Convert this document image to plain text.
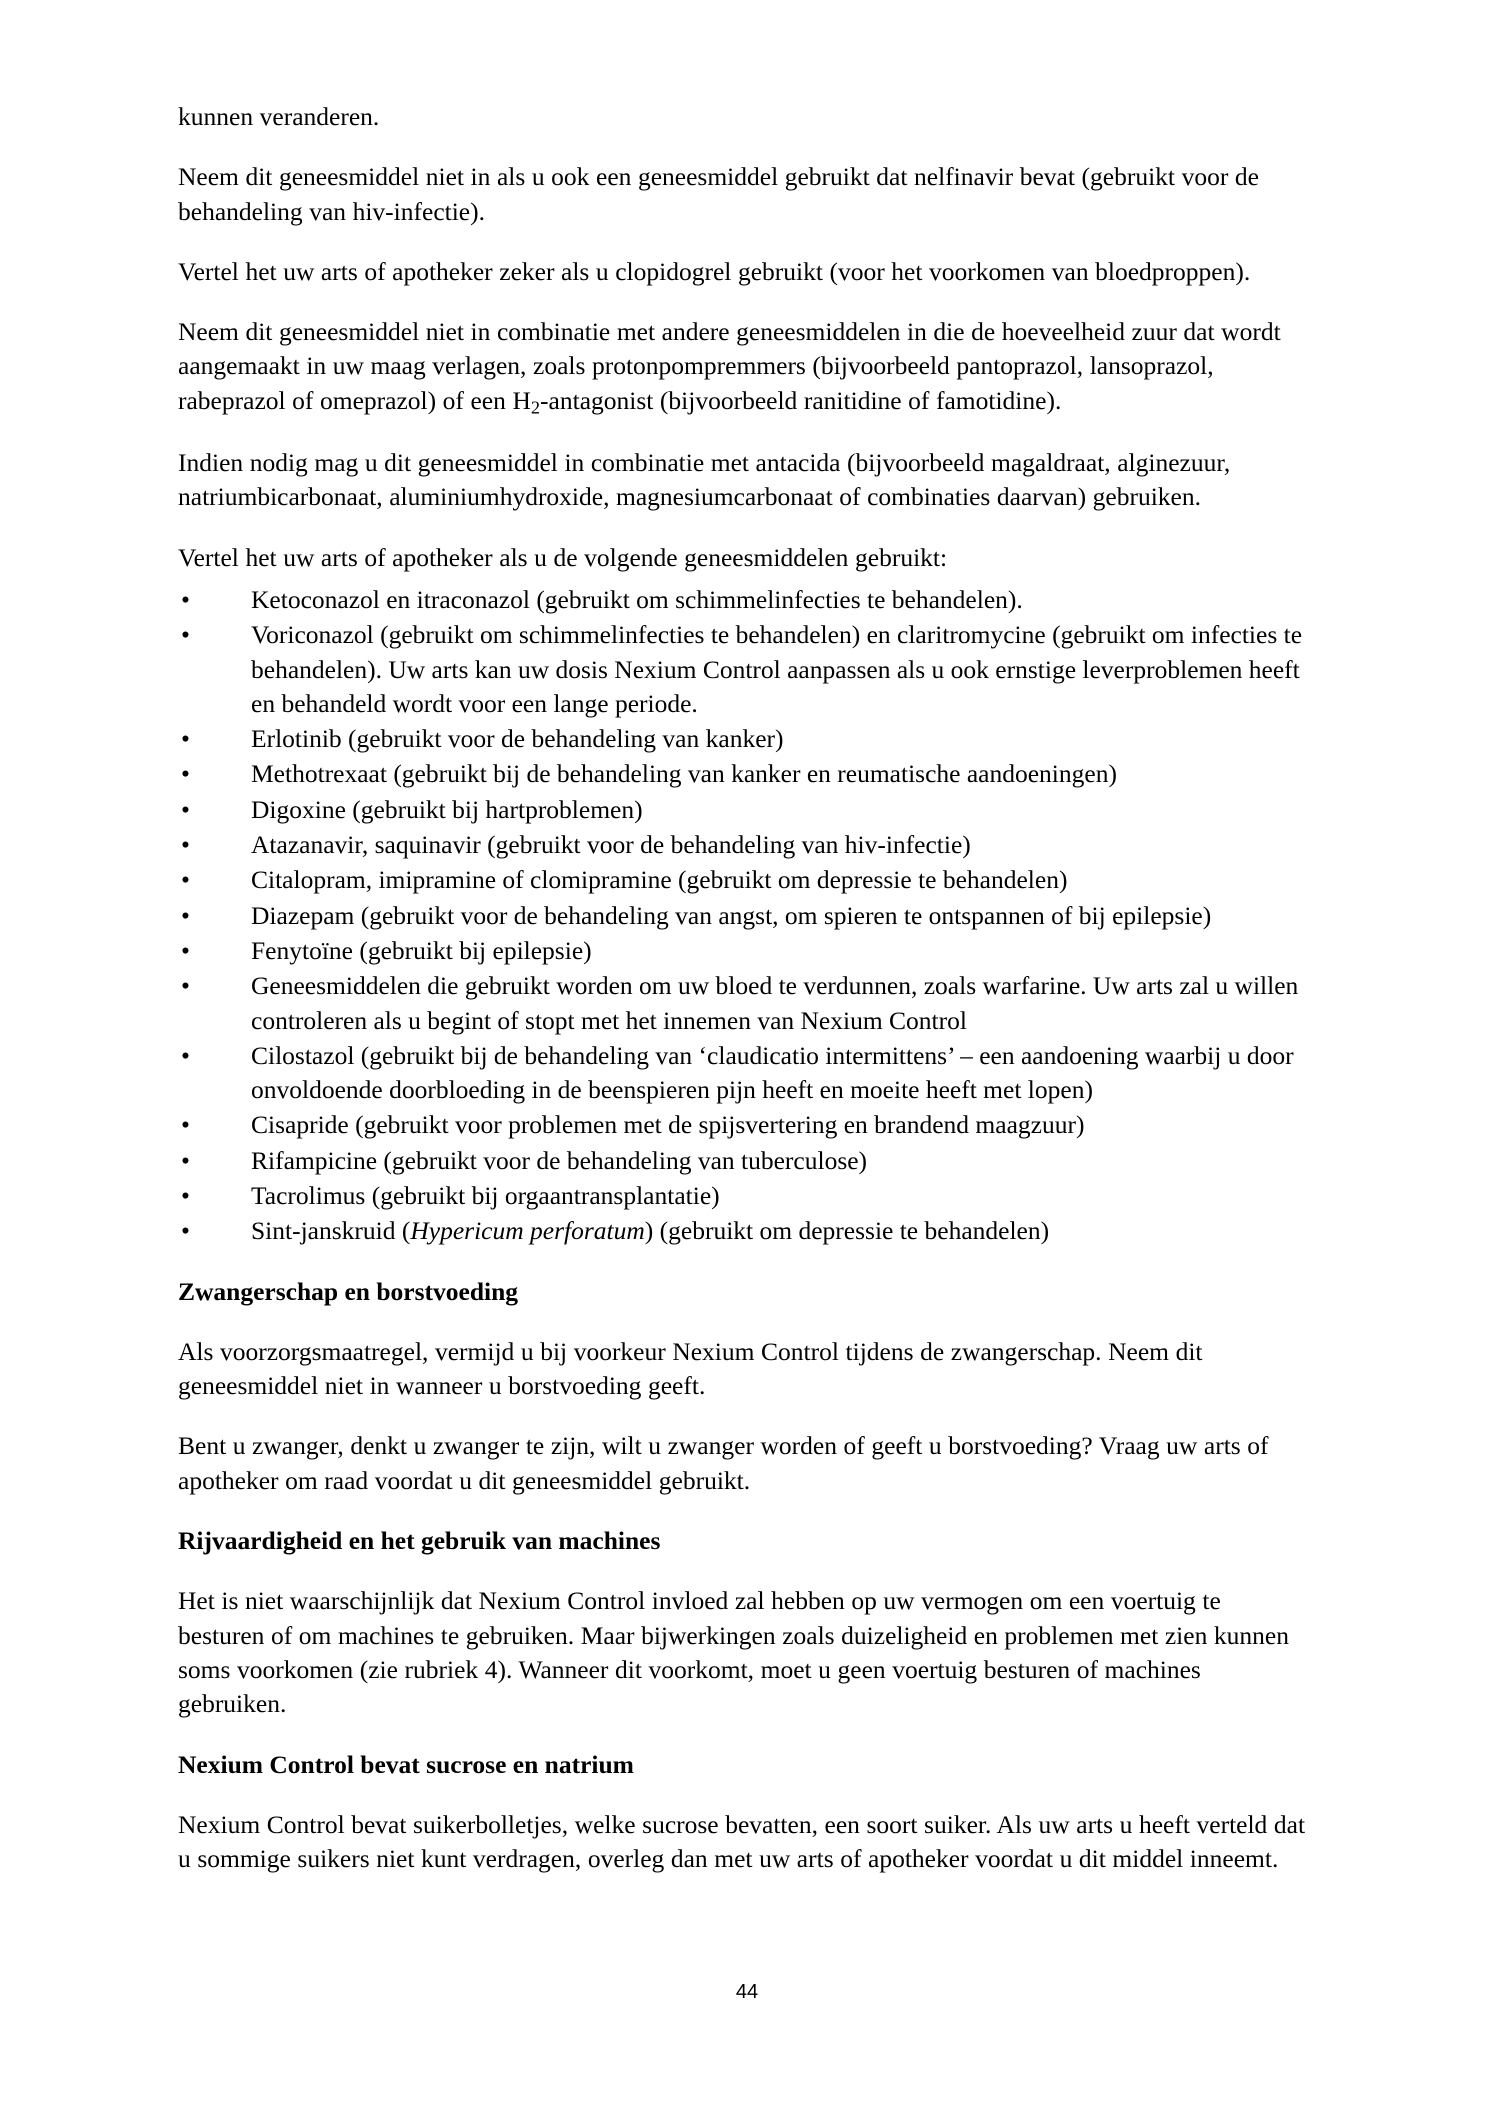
kunnen veranderen.

Neem dit geneesmiddel niet in als u ook een geneesmiddel gebruikt dat nelfinavir bevat (gebruikt voor de behandeling van hiv-infectie).

Vertel het uw arts of apotheker zeker als u clopidogrel gebruikt (voor het voorkomen van bloedproppen).

Neem dit geneesmiddel niet in combinatie met andere geneesmiddelen in die de hoeveelheid zuur dat wordt aangemaakt in uw maag verlagen, zoals protonpompremmers (bijvoorbeeld pantoprazol, lansoprazol, rabeprazol of omeprazol) of een $H_2$-antagonist (bijvoorbeeld ranitidine of famotidine).

Indien nodig mag u dit geneesmiddel in combinatie met antacida (bijvoorbeeld magaldraat, alginezuur, natriumbicarbonaat, aluminiumhydroxide, magnesiumcarbonaat of combinaties daarvan) gebruiken.

Vertel het uw arts of apotheker als u de volgende geneesmiddelen gebruikt:

• Ketoconazol en itraconazol (gebruikt om schimmelinfecties te behandelen).
• Voriconazol (gebruikt om schimmelinfecties te behandelen) en claritromycine (gebruikt om infecties te behandelen). Uw arts kan uw dosis Nexium Control aanpassen als u ook ernstige leverproblemen heeft en behandeld wordt voor een lange periode.
• Erlotinib (gebruikt voor de behandeling van kanker)
• Methotrexaat (gebruikt bij de behandeling van kanker en reumatische aandoeningen)
• Digoxine (gebruikt bij hartproblemen)
• Atazanavir, saquinavir (gebruikt voor de behandeling van hiv-infectie)
• Citalopram, imipramine of clomipramine (gebruikt om depressie te behandelen)
• Diazepam (gebruikt voor de behandeling van angst, om spieren te ontspannen of bij epilepsie)
• Fenytoïne (gebruikt bij epilepsie)
• Geneesmiddelen die gebruikt worden om uw bloed te verdunnen, zoals warfarine. Uw arts zal u willen controleren als u begint of stopt met het innemen van Nexium Control
• Cilostazol (gebruikt bij de behandeling van ‘claudicatio intermittens’ – een aandoening waarbij u door onvoldoende doorbloeding in de beenspieren pijn heeft en moeite heeft met lopen)
• Cisapride (gebruikt voor problemen met de spijsvertering en brandend maagzuur)
• Rifampicine (gebruikt voor de behandeling van tuberculose)
• Tacrolimus (gebruikt bij orgaantransplantatie)
• Sint-janskruid (Hypericum perforatum) (gebruikt om depressie te behandelen)
Zwangerschap en borstvoeding

Als voorzorgsmaatregel, vermijd u bij voorkeur Nexium Control tijdens de zwangerschap. Neem dit geneesmiddel niet in wanneer u borstvoeding geeft.

Bent u zwanger, denkt u zwanger te zijn, wilt u zwanger worden of geeft u borstvoeding? Vraag uw arts of apotheker om raad voordat u dit geneesmiddel gebruikt.

Rijvaardigheid en het gebruik van machines

Het is niet waarschijnlijk dat Nexium Control invloed zal hebben op uw vermogen om een voertuig te besturen of om machines te gebruiken. Maar bijwerkingen zoals duizeligheid en problemen met zien kunnen soms voorkomen (zie rubriek 4). Wanneer dit voorkomt, moet u geen voertuig besturen of machines gebruiken.

Nexium Control bevat sucrose en natrium

Nexium Control bevat suikerbolletjes, welke sucrose bevatten, een soort suiker. Als uw arts u heeft verteld dat u sommige suikers niet kunt verdragen, overleg dan met uw arts of apotheker voordat u dit middel inneemt.

44
